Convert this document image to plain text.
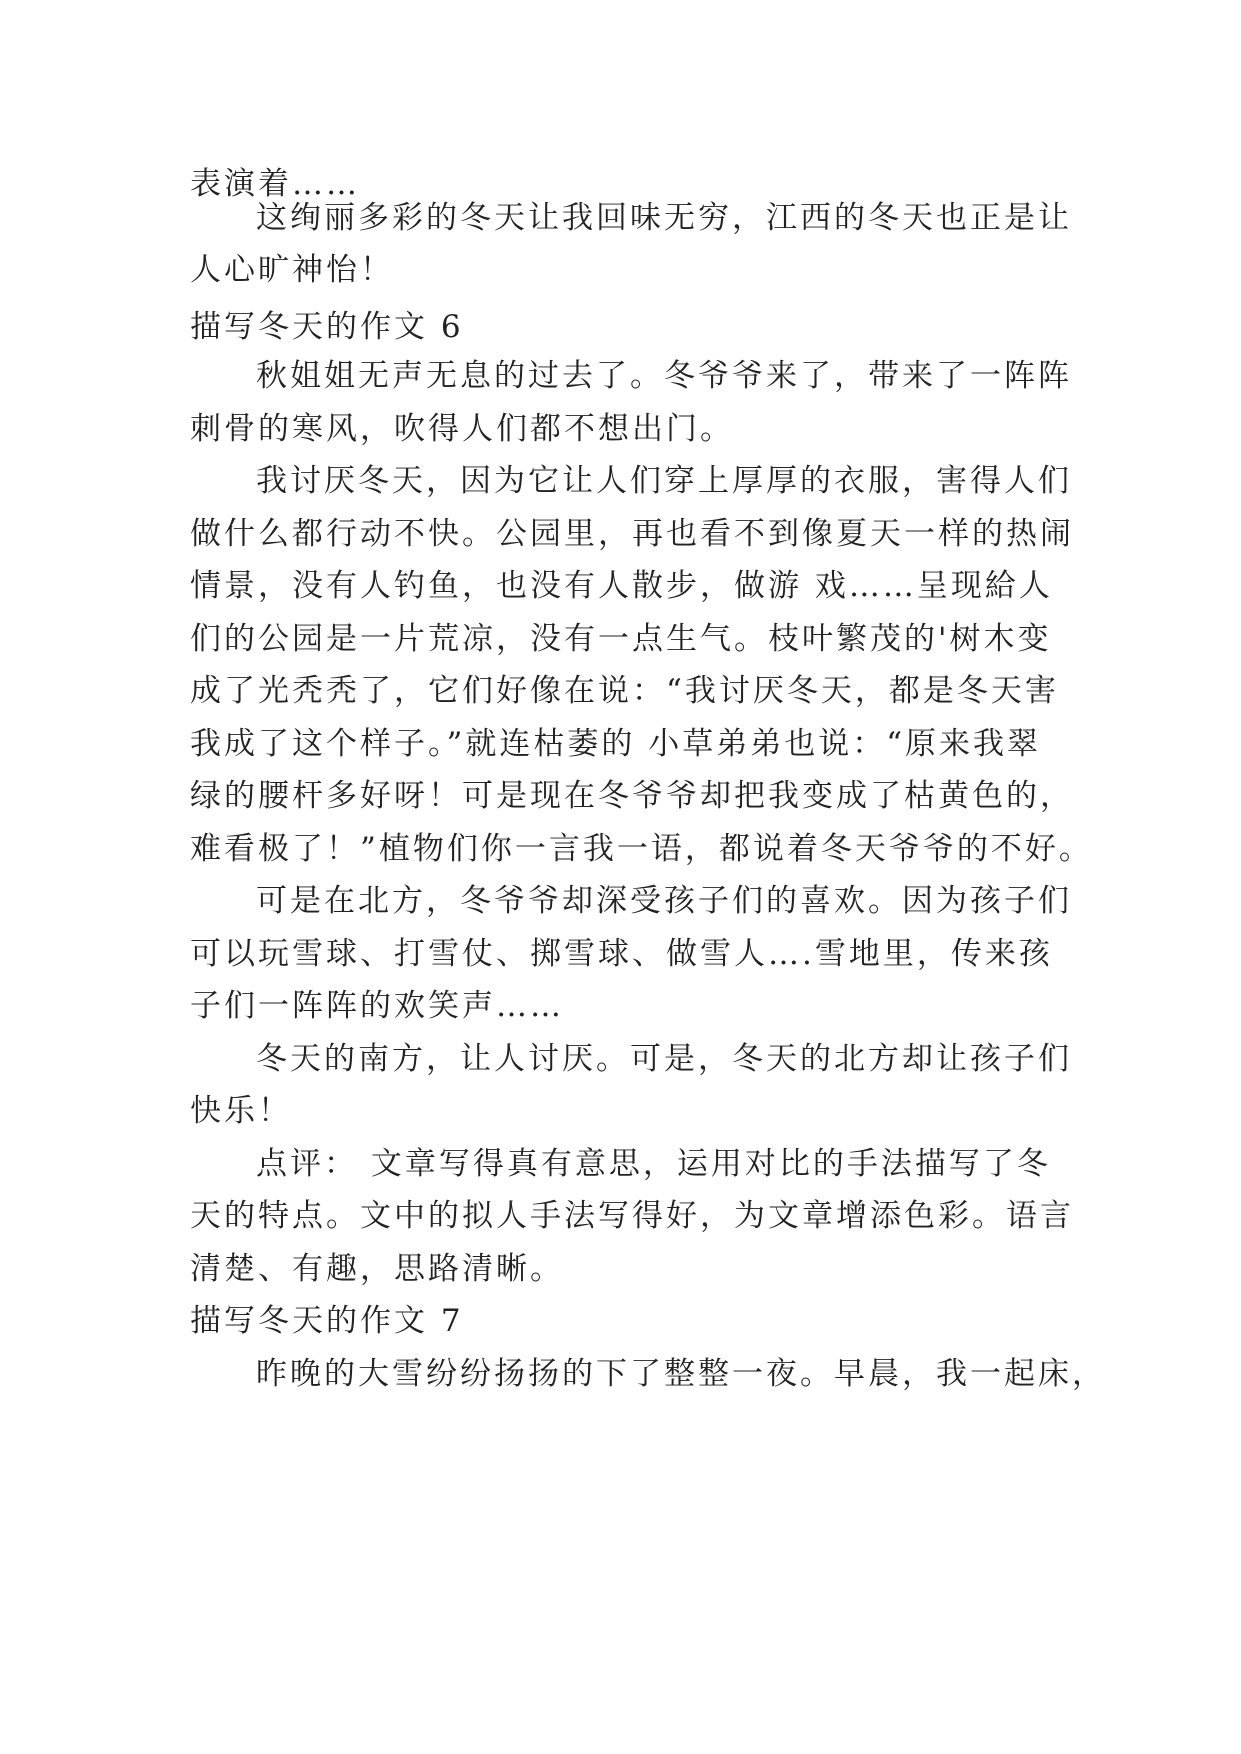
表演着……
这绚丽多彩的冬天让我回味无穷，江西的冬天也正是让
人心旷神怡！
描写冬天的作文 6
秋姐姐无声无息的过去了。冬爷爷来了，带来了一阵阵
刺骨的寒风，吹得人们都不想出门。
我讨厌冬天，因为它让人们穿上厚厚的衣服，害得人们
做什么都行动不快。公园里，再也看不到像夏天一样的热闹
情景，没有人钓鱼，也没有人散步，做游 戏……呈现給人
们的公园是一片荒凉，没有一点生气。枝叶繁茂的'树木变
成了光秃秃了，它们好像在说：“我讨厌冬天，都是冬天害
我成了这个样子。”就连枯萎的 小草弟弟也说：“原来我翠
绿的腰杆多好呀！可是现在冬爷爷却把我变成了枯黄色的，
难看极了！”植物们你一言我一语，都说着冬天爷爷的不好。
可是在北方，冬爷爷却深受孩子们的喜欢。因为孩子们
可以玩雪球、打雪仗、掷雪球、做雪人….雪地里，传来孩
子们一阵阵的欢笑声……
冬天的南方，让人讨厌。可是，冬天的北方却让孩子们
快乐！
点评： 文章写得真有意思，运用对比的手法描写了冬
天的特点。文中的拟人手法写得好，为文章增添色彩。语言
清楚、有趣，思路清晰。
描写冬天的作文 7
昨晚的大雪纷纷扬扬的下了整整一夜。早晨，我一起床，
